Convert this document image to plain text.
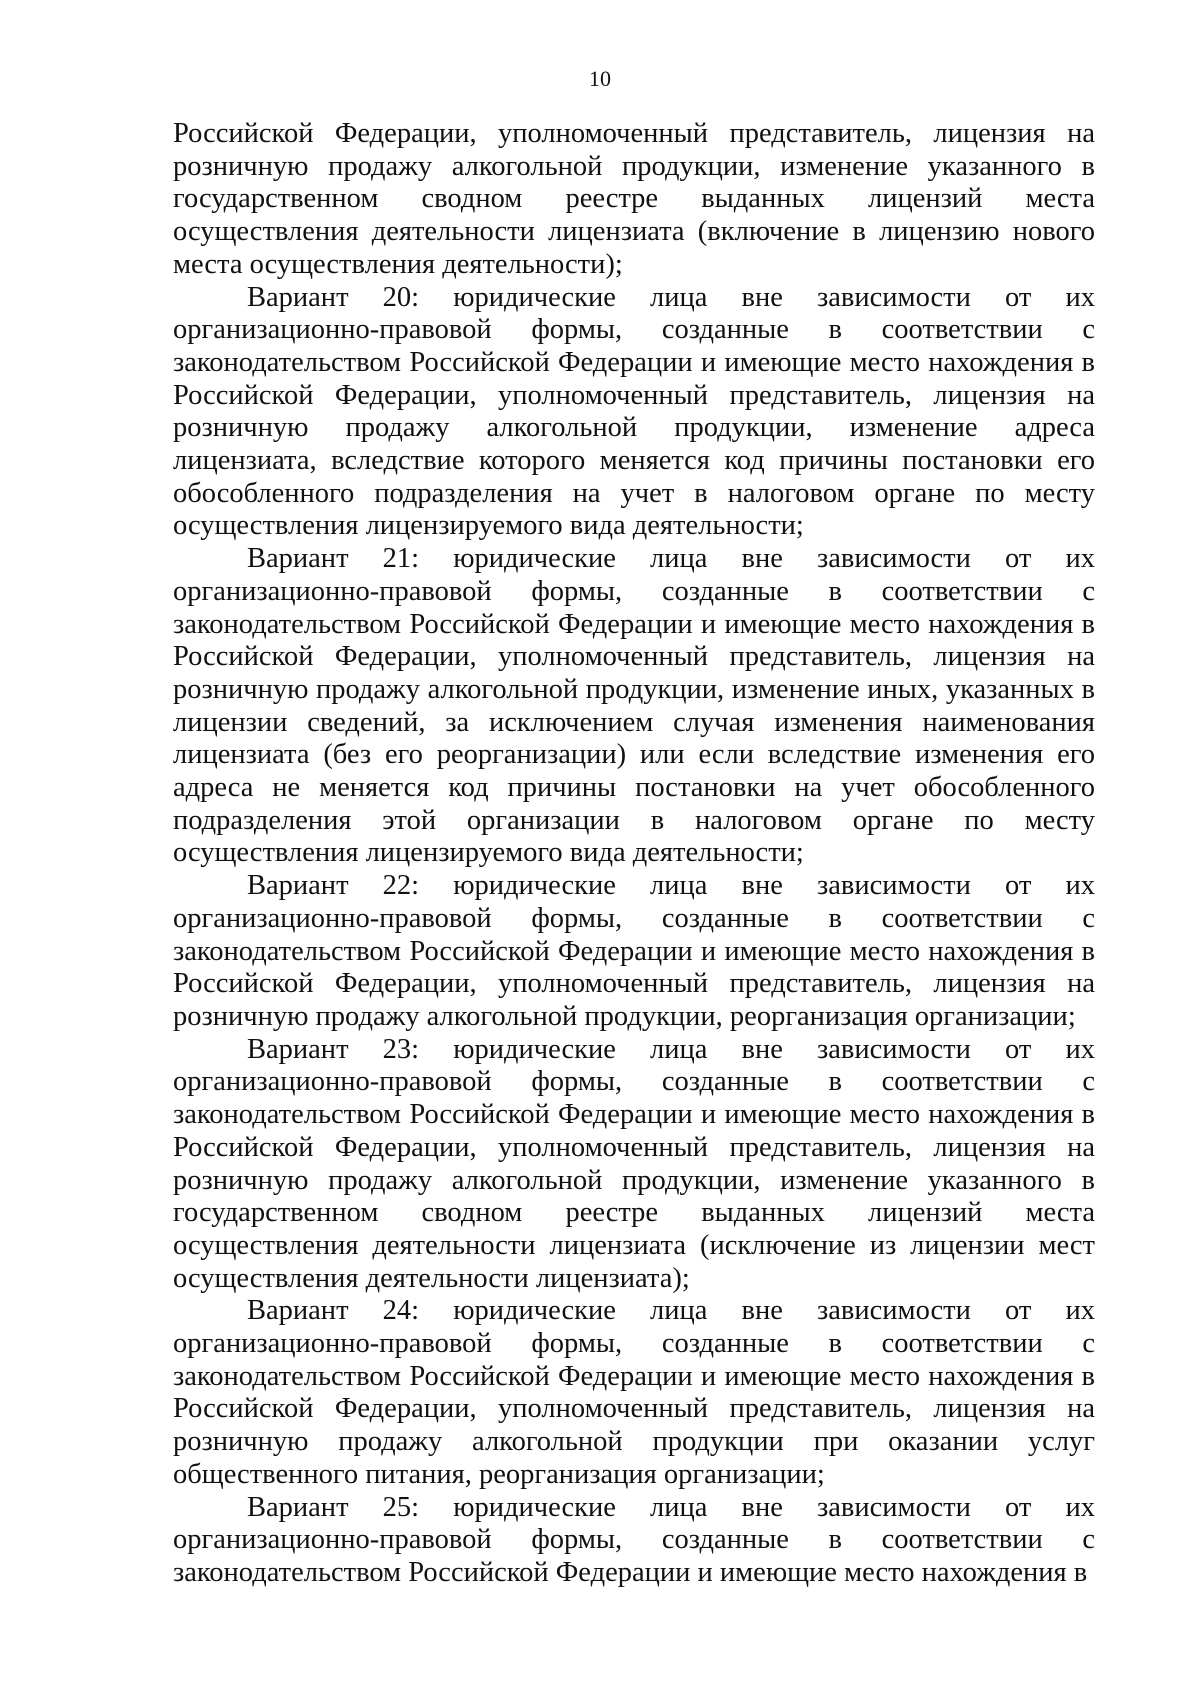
10

Российской Федерации, уполномоченный представитель, лицензия на розничную продажу алкогольной продукции, изменение указанного в государственном сводном реестре выданных лицензий места осуществления деятельности лицензиата (включение в лицензию нового места осуществления деятельности);

Вариант 20: юридические лица вне зависимости от их организационно-правовой формы, созданные в соответствии с законодательством Российской Федерации и имеющие место нахождения в Российской Федерации, уполномоченный представитель, лицензия на розничную продажу алкогольной продукции, изменение адреса лицензиата, вследствие которого меняется код причины постановки его обособленного подразделения на учет в налоговом органе по месту осуществления лицензируемого вида деятельности;

Вариант 21: юридические лица вне зависимости от их организационно-правовой формы, созданные в соответствии с законодательством Российской Федерации и имеющие место нахождения в Российской Федерации, уполномоченный представитель, лицензия на розничную продажу алкогольной продукции, изменение иных, указанных в лицензии сведений, за исключением случая изменения наименования лицензиата (без его реорганизации) или если вследствие изменения его адреса не меняется код причины постановки на учет обособленного подразделения этой организации в налоговом органе по месту осуществления лицензируемого вида деятельности;

Вариант 22: юридические лица вне зависимости от их организационно-правовой формы, созданные в соответствии с законодательством Российской Федерации и имеющие место нахождения в Российской Федерации, уполномоченный представитель, лицензия на розничную продажу алкогольной продукции, реорганизация организации;

Вариант 23: юридические лица вне зависимости от их организационно-правовой формы, созданные в соответствии с законодательством Российской Федерации и имеющие место нахождения в Российской Федерации, уполномоченный представитель, лицензия на розничную продажу алкогольной продукции, изменение указанного в государственном сводном реестре выданных лицензий места осуществления деятельности лицензиата (исключение из лицензии мест осуществления деятельности лицензиата);

Вариант 24: юридические лица вне зависимости от их организационно-правовой формы, созданные в соответствии с законодательством Российской Федерации и имеющие место нахождения в Российской Федерации, уполномоченный представитель, лицензия на розничную продажу алкогольной продукции при оказании услуг общественного питания, реорганизация организации;

Вариант 25: юридические лица вне зависимости от их организационно-правовой формы, созданные в соответствии с законодательством Российской Федерации и имеющие место нахождения в
